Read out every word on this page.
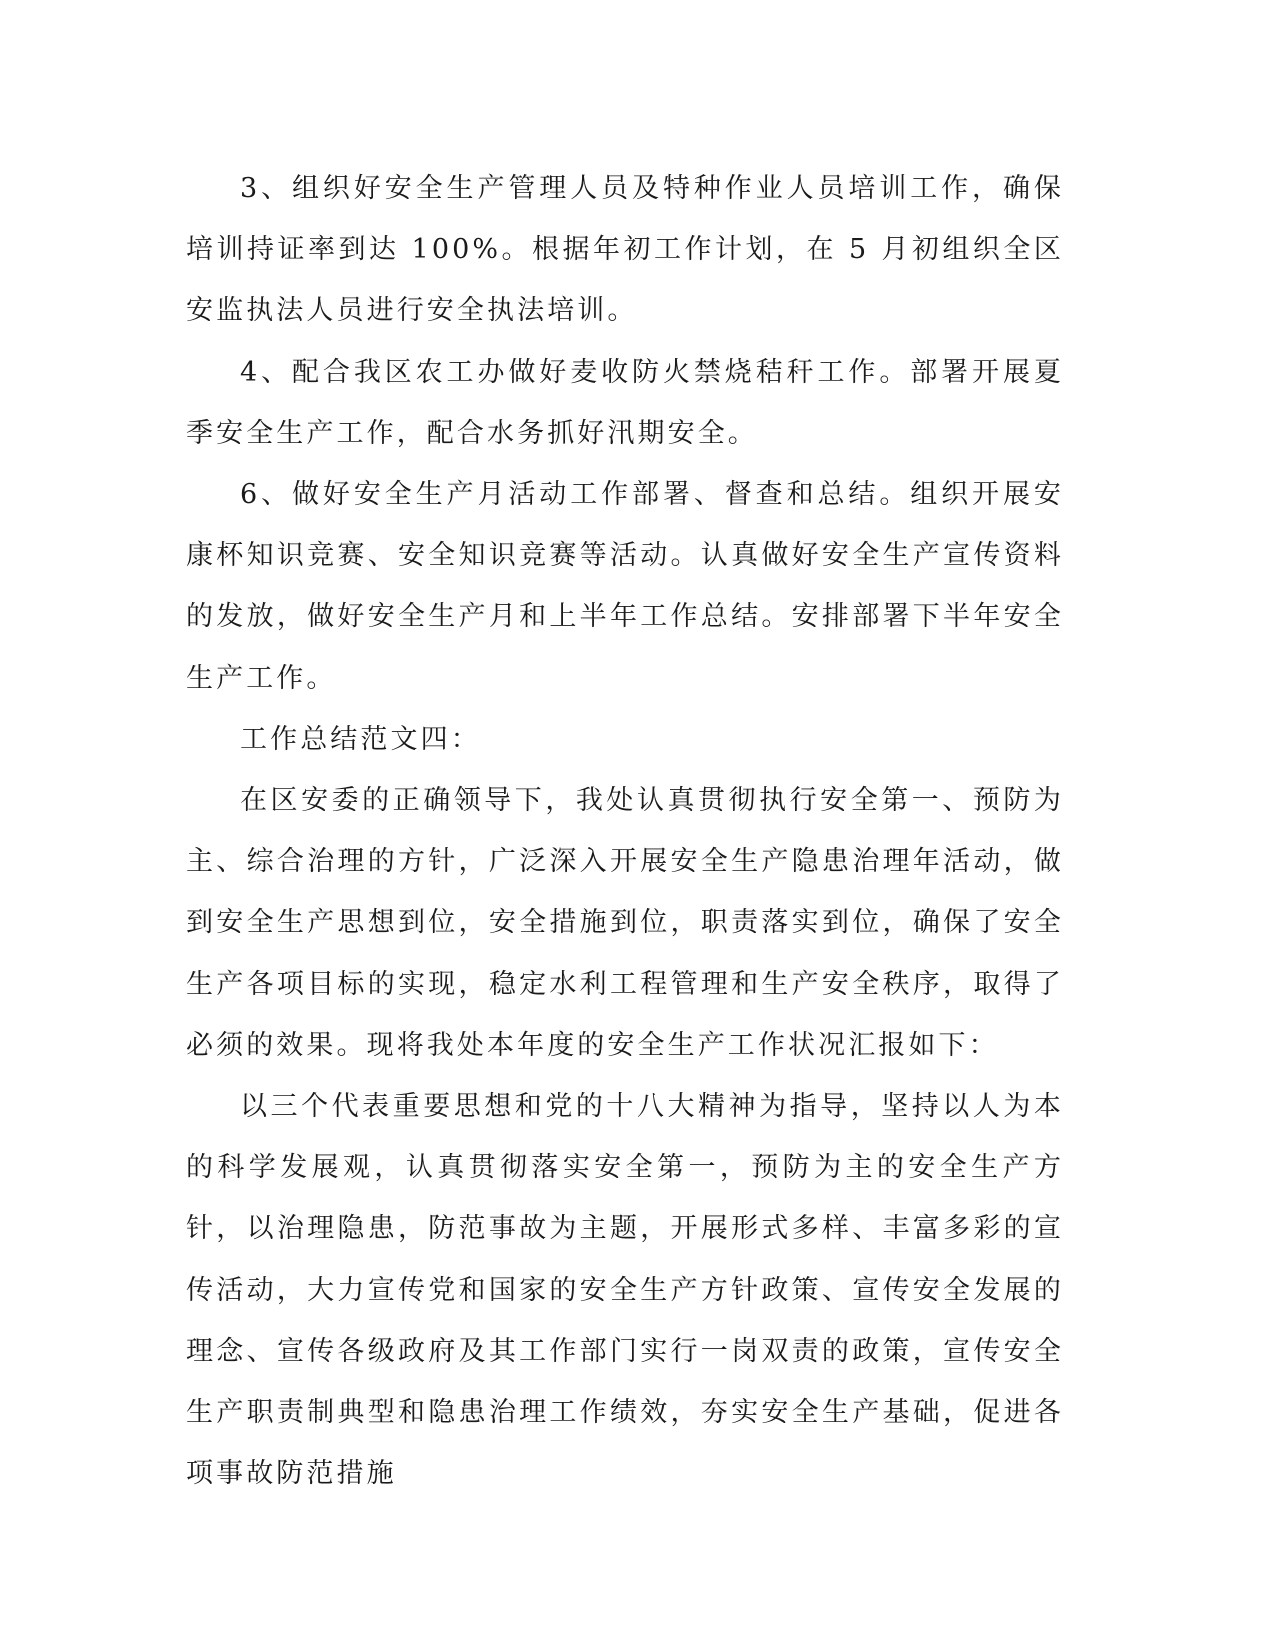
3、组织好安全生产管理人员及特种作业人员培训工作，确保培训持证率到达 100%。根据年初工作计划，在 5 月初组织全区安监执法人员进行安全执法培训。

4、配合我区农工办做好麦收防火禁烧秸秆工作。部署开展夏季安全生产工作，配合水务抓好汛期安全。

6、做好安全生产月活动工作部署、督查和总结。组织开展安康杯知识竞赛、安全知识竞赛等活动。认真做好安全生产宣传资料的发放，做好安全生产月和上半年工作总结。安排部署下半年安全生产工作。

工作总结范文四：

在区安委的正确领导下，我处认真贯彻执行安全第一、预防为主、综合治理的方针，广泛深入开展安全生产隐患治理年活动，做到安全生产思想到位，安全措施到位，职责落实到位，确保了安全生产各项目标的实现，稳定水利工程管理和生产安全秩序，取得了必须的效果。现将我处本年度的安全生产工作状况汇报如下：

以三个代表重要思想和党的十八大精神为指导，坚持以人为本的科学发展观，认真贯彻落实安全第一，预防为主的安全生产方针，以治理隐患，防范事故为主题，开展形式多样、丰富多彩的宣传活动，大力宣传党和国家的安全生产方针政策、宣传安全发展的理念、宣传各级政府及其工作部门实行一岗双责的政策，宣传安全生产职责制典型和隐患治理工作绩效，夯实安全生产基础，促进各项事故防范措施
